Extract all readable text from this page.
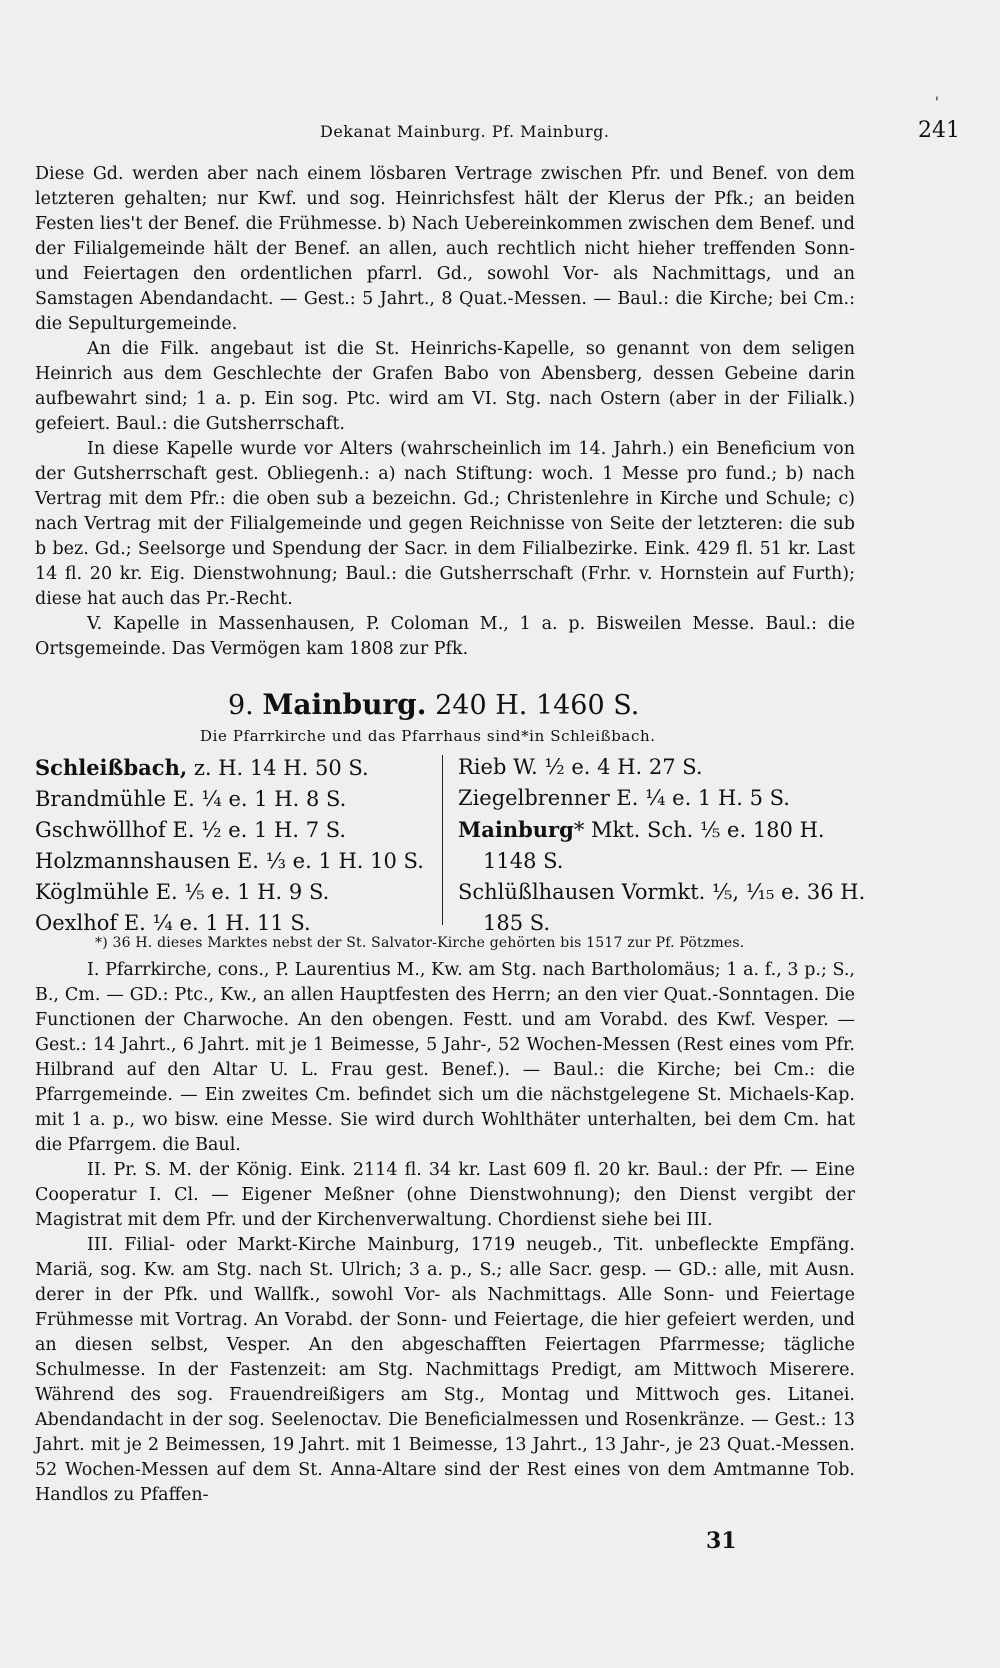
'
Dekanat Mainburg. Pf. Mainburg.	241

Diese Gd. werden aber nach einem lösbaren Vertrage zwischen Pfr. und Benef. von dem letzteren gehalten; nur Kwf. und sog. Heinrichsfest hält der Klerus der Pfk.; an beiden Festen lies't der Benef. die Frühmesse. b) Nach Uebereinkommen zwischen dem Benef. und der Filialgemeinde hält der Benef. an allen, auch rechtlich nicht hieher treffenden Sonn- und Feiertagen den ordentlichen pfarrl. Gd., sowohl Vor- als Nachmittags, und an Samstagen Abendandacht. — Gest.: 5 Jahrt., 8 Quat.-Messen. — Baul.: die Kirche; bei Cm.: die Sepulturgemeinde.

An die Filk. angebaut ist die St. Heinrichs-Kapelle, so genannt von dem seligen Heinrich aus dem Geschlechte der Grafen Babo von Abensberg, dessen Gebeine darin aufbewahrt sind; 1 a. p. Ein sog. Ptc. wird am VI. Stg. nach Ostern (aber in der Filialk.) gefeiert. Baul.: die Gutsherrschaft.

In diese Kapelle wurde vor Alters (wahrscheinlich im 14. Jahrh.) ein Beneficium von der Gutsherrschaft gest. Obliegenh.: a) nach Stiftung: woch. 1 Messe pro fund.; b) nach Vertrag mit dem Pfr.: die oben sub a bezeichn. Gd.; Christenlehre in Kirche und Schule; c) nach Vertrag mit der Filialgemeinde und gegen Reichnisse von Seite der letzteren: die sub b bez. Gd.; Seelsorge und Spendung der Sacr. in dem Filialbezirke. Eink. 429 fl. 51 kr. Last 14 fl. 20 kr. Eig. Dienstwohnung; Baul.: die Gutsherrschaft (Frhr. v. Hornstein auf Furth); diese hat auch das Pr.-Recht.

V. Kapelle in Massenhausen, P. Coloman M., 1 a. p. Bisweilen Messe. Baul.: die Ortsgemeinde. Das Vermögen kam 1808 zur Pfk.

9. Mainburg. 240 H. 1460 S.
Die Pfarrkirche und das Pfarrhaus sind*in Schleißbach.

Schleißbach, z. H. 14 H. 50 S.

Brandmühle E. ¼ e. 1 H. 8 S.

Gschwöllhof E. ½ e. 1 H. 7 S.

Holzmannshausen E. ⅓ e. 1 H. 10 S.

Köglmühle E. ⅕ e. 1 H. 9 S.

Oexlhof E. ¼ e. 1 H. 11 S.

Rieb W. ½ e. 4 H. 27 S.

Ziegelbrenner E. ¼ e. 1 H. 5 S.

Mainburg* Mkt. Sch. ⅕ e. 180 H.

1148 S.

Schlüßlhausen Vormkt. ⅕, ¹⁄₁₅ e. 36 H.

185 S.

*) 36 H. dieses Marktes nebst der St. Salvator-Kirche gehörten bis 1517 zur Pf. Pötzmes.

I. Pfarrkirche, cons., P. Laurentius M., Kw. am Stg. nach Bartholomäus; 1 a. f., 3 p.; S., B., Cm. — GD.: Ptc., Kw., an allen Hauptfesten des Herrn; an den vier Quat.-Sonntagen. Die Functionen der Charwoche. An den obengen. Festt. und am Vorabd. des Kwf. Vesper. — Gest.: 14 Jahrt., 6 Jahrt. mit je 1 Beimesse, 5 Jahr-, 52 Wochen-Messen (Rest eines vom Pfr. Hilbrand auf den Altar U. L. Frau gest. Benef.). — Baul.: die Kirche; bei Cm.: die Pfarrgemeinde. — Ein zweites Cm. befindet sich um die nächstgelegene St. Michaels-Kap. mit 1 a. p., wo bisw. eine Messe. Sie wird durch Wohlthäter unterhalten, bei dem Cm. hat die Pfarrgem. die Baul.

II. Pr. S. M. der König. Eink. 2114 fl. 34 kr. Last 609 fl. 20 kr. Baul.: der Pfr. — Eine Cooperatur I. Cl. — Eigener Meßner (ohne Dienstwohnung); den Dienst vergibt der Magistrat mit dem Pfr. und der Kirchenverwaltung. Chordienst siehe bei III.

III. Filial- oder Markt-Kirche Mainburg, 1719 neugeb., Tit. unbefleckte Empfäng. Mariä, sog. Kw. am Stg. nach St. Ulrich; 3 a. p., S.; alle Sacr. gesp. — GD.: alle, mit Ausn. derer in der Pfk. und Wallfk., sowohl Vor- als Nachmittags. Alle Sonn- und Feiertage Frühmesse mit Vortrag. An Vorabd. der Sonn- und Feiertage, die hier gefeiert werden, und an diesen selbst, Vesper. An den abgeschafften Feiertagen Pfarrmesse; tägliche Schulmesse. In der Fastenzeit: am Stg. Nachmittags Predigt, am Mittwoch Miserere. Während des sog. Frauendreißigers am Stg., Montag und Mittwoch ges. Litanei. Abendandacht in der sog. Seelenoctav. Die Beneficialmessen und Rosenkränze. — Gest.: 13 Jahrt. mit je 2 Beimessen, 19 Jahrt. mit 1 Beimesse, 13 Jahrt., 13 Jahr-, je 23 Quat.-Messen. 52 Wochen-Messen auf dem St. Anna-Altare sind der Rest eines von dem Amtmanne Tob. Handlos zu Pfaffen-

31
